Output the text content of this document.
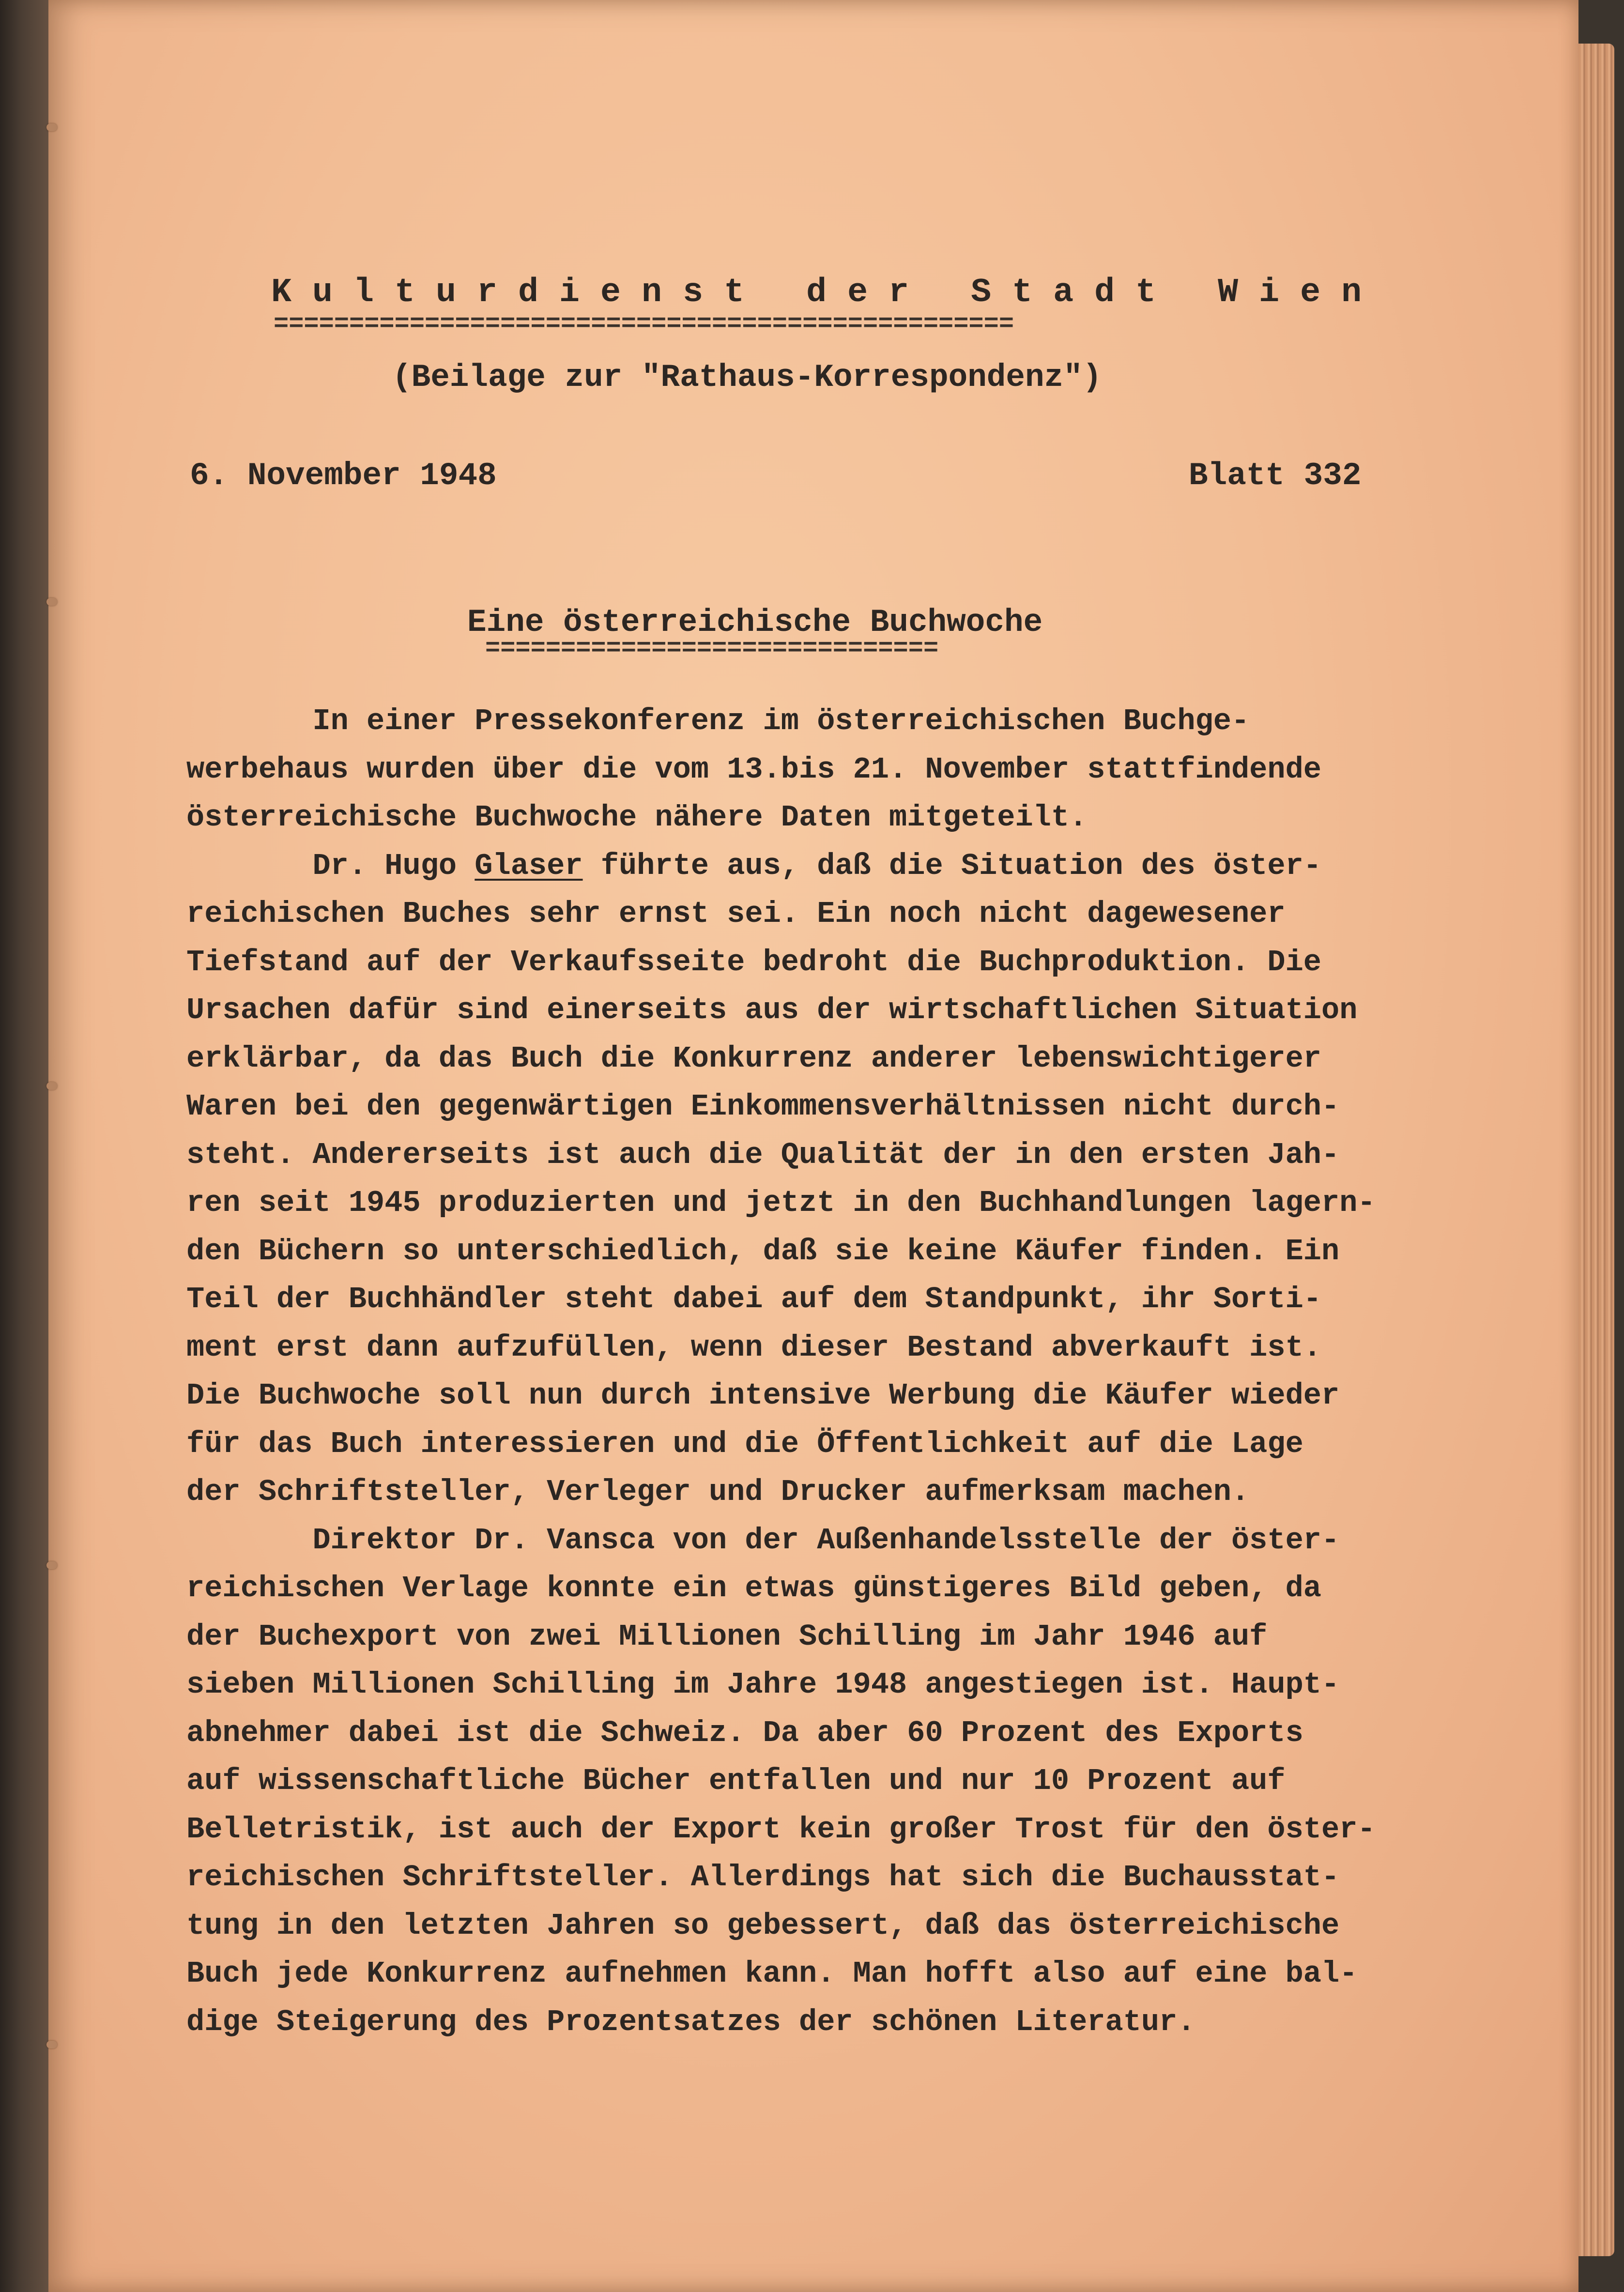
Kulturdienst der Stadt Wien
=================================================
(Beilage zur "Rathaus-Korrespondenz")
6. November 1948	Blatt 332
Eine österreichische Buchwoche
==============================
In einer Pressekonferenz im österreichischen Buchge-
werbehaus wurden über die vom 13.bis 21. November stattfindende
österreichische Buchwoche nähere Daten mitgeteilt.
Dr. Hugo Glaser führte aus, daß die Situation des öster-
reichischen Buches sehr ernst sei. Ein noch nicht dagewesener
Tiefstand auf der Verkaufsseite bedroht die Buchproduktion. Die
Ursachen dafür sind einerseits aus der wirtschaftlichen Situation
erklärbar, da das Buch die Konkurrenz anderer lebenswichtigerer
Waren bei den gegenwärtigen Einkommensverhältnissen nicht durch-
steht. Andererseits ist auch die Qualität der in den ersten Jah-
ren seit 1945 produzierten und jetzt in den Buchhandlungen lagern-
den Büchern so unterschiedlich, daß sie keine Käufer finden. Ein
Teil der Buchhändler steht dabei auf dem Standpunkt, ihr Sorti-
ment erst dann aufzufüllen, wenn dieser Bestand abverkauft ist.
Die Buchwoche soll nun durch intensive Werbung die Käufer wieder
für das Buch interessieren und die Öffentlichkeit auf die Lage
der Schriftsteller, Verleger und Drucker aufmerksam machen.
Direktor Dr. Vansca von der Außenhandelsstelle der öster-
reichischen Verlage konnte ein etwas günstigeres Bild geben, da
der Buchexport von zwei Millionen Schilling im Jahr 1946 auf
sieben Millionen Schilling im Jahre 1948 angestiegen ist. Haupt-
abnehmer dabei ist die Schweiz. Da aber 60 Prozent des Exports
auf wissenschaftliche Bücher entfallen und nur 10 Prozent auf
Belletristik, ist auch der Export kein großer Trost für den öster-
reichischen Schriftsteller. Allerdings hat sich die Buchausstat-
tung in den letzten Jahren so gebessert, daß das österreichische
Buch jede Konkurrenz aufnehmen kann. Man hofft also auf eine bal-
dige Steigerung des Prozentsatzes der schönen Literatur.
